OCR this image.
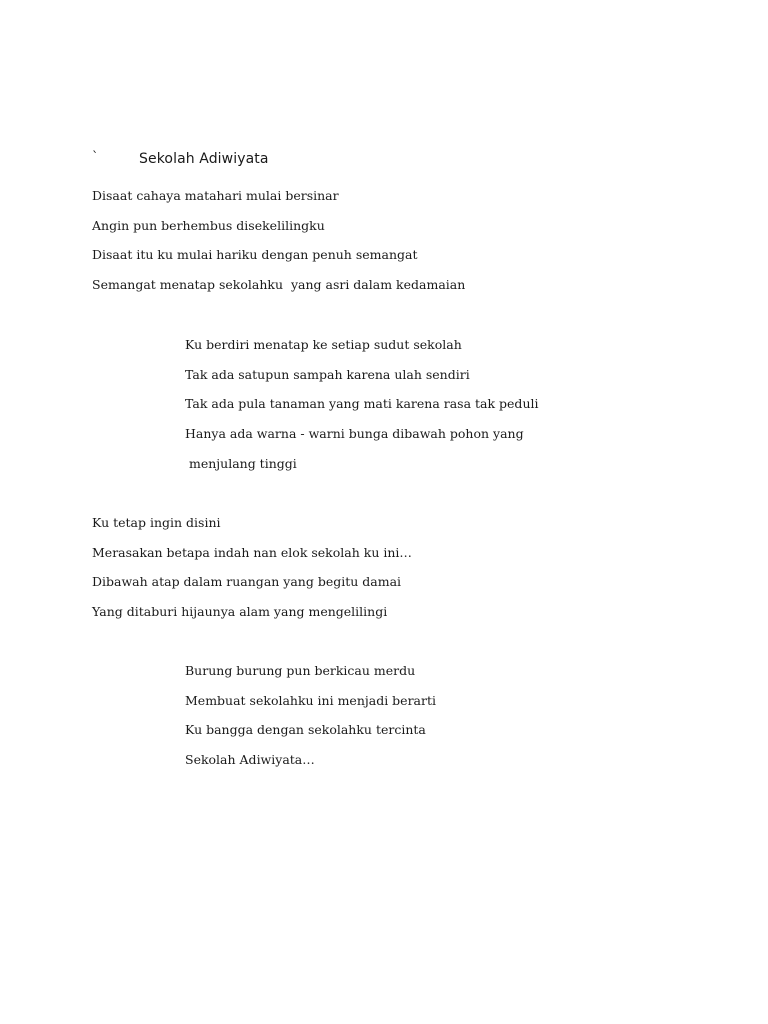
`	Sekolah Adiwiyata
Disaat cahaya matahari mulai bersinar
Angin pun berhembus disekelilingku
Disaat itu ku mulai hariku dengan penuh semangat
Semangat menatap sekolahku  yang asri dalam kedamaian
Ku berdiri menatap ke setiap sudut sekolah
Tak ada satupun sampah karena ulah sendiri
Tak ada pula tanaman yang mati karena rasa tak peduli
Hanya ada warna - warni bunga dibawah pohon yang
menjulang tinggi
Ku tetap ingin disini
Merasakan betapa indah nan elok sekolah ku ini…
Dibawah atap dalam ruangan yang begitu damai
Yang ditaburi hijaunya alam yang mengelilingi
Burung burung pun berkicau merdu
Membuat sekolahku ini menjadi berarti
Ku bangga dengan sekolahku tercinta
Sekolah Adiwiyata…
